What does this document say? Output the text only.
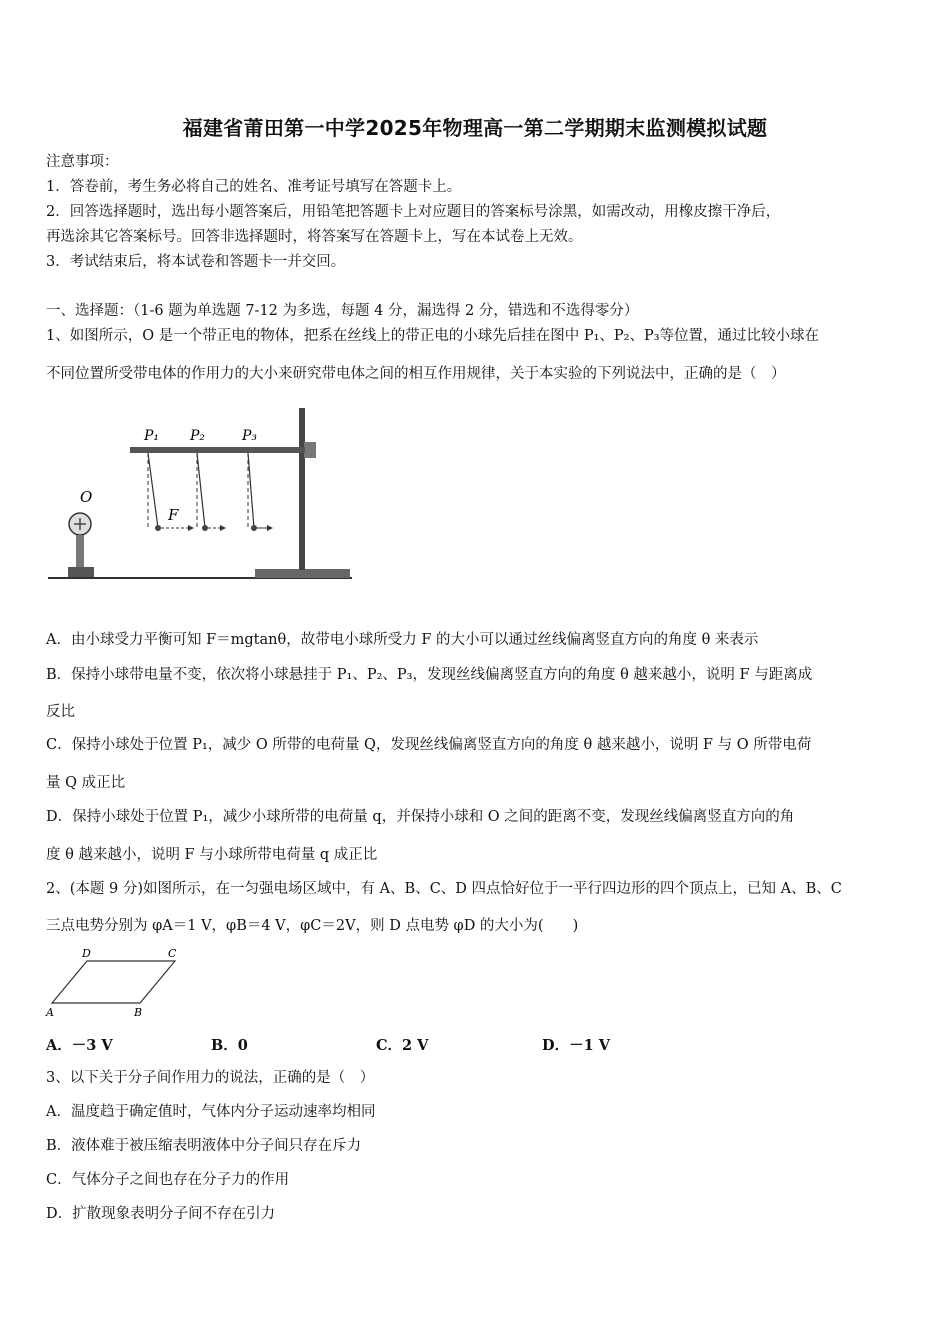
福建省莆田第一中学2025年物理高一第二学期期末监测模拟试题
注意事项：
1．答卷前，考生务必将自己的姓名、准考证号填写在答题卡上。
2．回答选择题时，选出每小题答案后，用铅笔把答题卡上对应题目的答案标号涂黑，如需改动，用橡皮擦干净后，
再选涂其它答案标号。回答非选择题时，将答案写在答题卡上，写在本试卷上无效。
3．考试结束后，将本试卷和答题卡一并交回。
一、选择题：（1-6 题为单选题 7-12 为多选，每题 4 分，漏选得 2 分，错选和不选得零分）
1、如图所示，O 是一个带正电的物体，把系在丝线上的带正电的小球先后挂在图中 P₁、P₂、P₃等位置，通过比较小球在
不同位置所受带电体的作用力的大小来研究带电体之间的相互作用规律，关于本实验的下列说法中，正确的是（　）
P₁ P₂	P₃
F
O
A．由小球受力平衡可知 F＝mgtanθ，故带电小球所受力 F 的大小可以通过丝线偏离竖直方向的角度 θ 来表示
B．保持小球带电量不变，依次将小球悬挂于 P₁、P₂、P₃，发现丝线偏离竖直方向的角度 θ 越来越小，说明 F 与距离成
反比
C．保持小球处于位置 P₁，减少 O 所带的电荷量 Q，发现丝线偏离竖直方向的角度 θ 越来越小，说明 F 与 O 所带电荷
量 Q 成正比
D．保持小球处于位置 P₁，减少小球所带的电荷量 q，并保持小球和 O 之间的距离不变，发现丝线偏离竖直方向的角
度 θ 越来越小，说明 F 与小球所带电荷量 q 成正比
2、(本题 9 分)如图所示，在一匀强电场区域中，有 A、B、C、D 四点恰好位于一平行四边形的四个顶点上，已知 A、B、C
三点电势分别为 φA＝1 V，φB＝4 V，φC＝2V，则 D 点电势 φD 的大小为(　　)
D	C
A	B
A．－3 V	B．0	C．2 V	D．－1 V
3、以下关于分子间作用力的说法，正确的是（　）
A．温度趋于确定值时，气体内分子运动速率均相同
B．液体难于被压缩表明液体中分子间只存在斥力
C．气体分子之间也存在分子力的作用
D．扩散现象表明分子间不存在引力
